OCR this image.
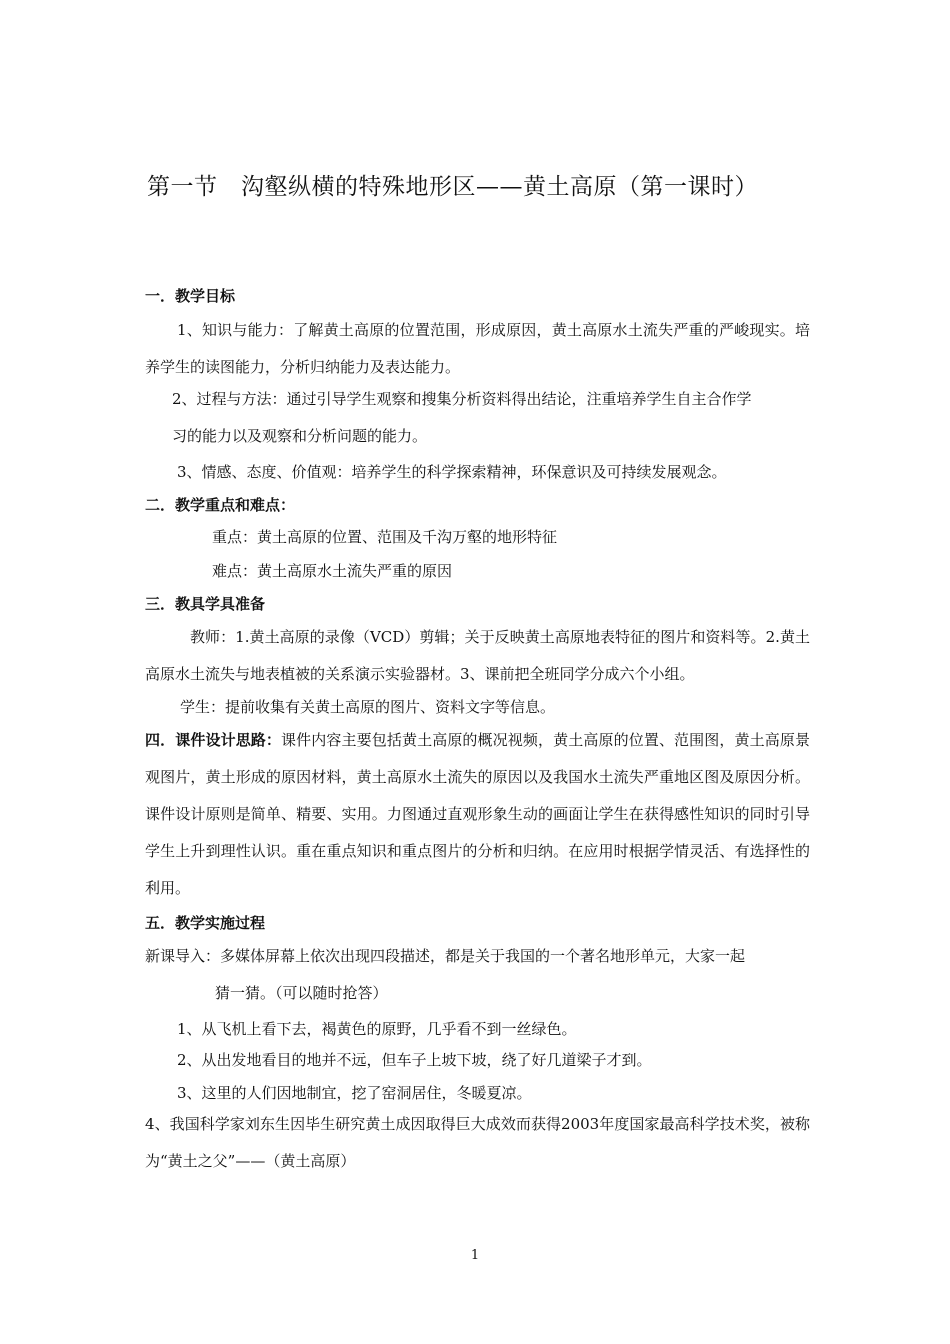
第一节　沟壑纵横的特殊地形区——黄土高原（第一课时）
一．教学目标
1、知识与能力：了解黄土高原的位置范围，形成原因，黄土高原水土流失严重的严峻现实。培养学生的读图能力，分析归纳能力及表达能力。
2、过程与方法：通过引导学生观察和搜集分析资料得出结论，注重培养学生自主合作学
习的能力以及观察和分析问题的能力。
3、情感、态度、价值观：培养学生的科学探索精神，环保意识及可持续发展观念。
二．教学重点和难点：
重点：黄土高原的位置、范围及千沟万壑的地形特征
难点：黄土高原水土流失严重的原因
三．教具学具准备
教师：1.黄土高原的录像（VCD）剪辑；关于反映黄土高原地表特征的图片和资料等。2.黄土高原水土流失与地表植被的关系演示实验器材。3、课前把全班同学分成六个小组。
学生：提前收集有关黄土高原的图片、资料文字等信息。
四．课件设计思路：课件内容主要包括黄土高原的概况视频，黄土高原的位置、范围图，黄土高原景观图片，黄土形成的原因材料，黄土高原水土流失的原因以及我国水土流失严重地区图及原因分析。课件设计原则是简单、精要、实用。力图通过直观形象生动的画面让学生在获得感性知识的同时引导学生上升到理性认识。重在重点知识和重点图片的分析和归纳。在应用时根据学情灵活、有选择性的利用。
五．教学实施过程
新课导入：多媒体屏幕上依次出现四段描述，都是关于我国的一个著名地形单元，大家一起
猜一猜。（可以随时抢答）
1、从飞机上看下去，褐黄色的原野，几乎看不到一丝绿色。
2、从出发地看目的地并不远，但车子上坡下坡，绕了好几道梁子才到。
3、这里的人们因地制宜，挖了窑洞居住，冬暖夏凉。
4、我国科学家刘东生因毕生研究黄土成因取得巨大成效而获得2003年度国家最高科学技术奖，被称为“黄土之父”——（黄土高原）
1
